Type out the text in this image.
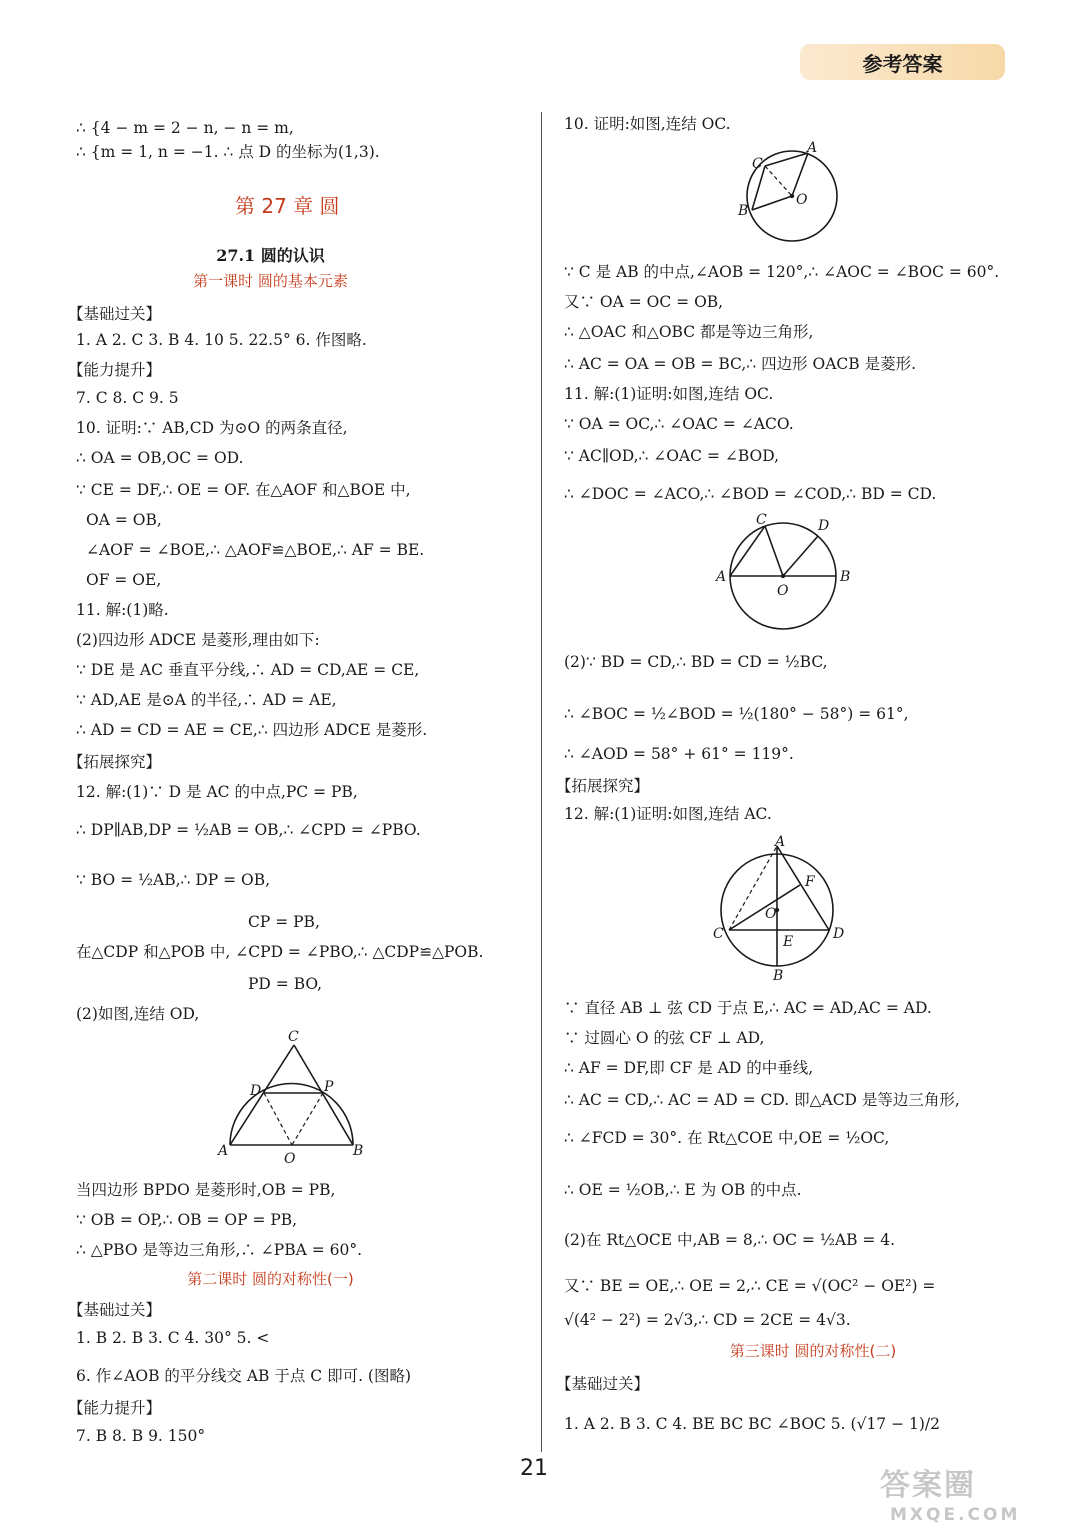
参考答案
∴ {4 − m = 2 − n, − n = m,
∴ {m = 1, n = −1. ∴ 点 D 的坐标为(1,3).
第 27 章 圆
27.1 圆的认识
第一课时 圆的基本元素
【基础过关】
1. A 2. C 3. B 4. 10 5. 22.5° 6. 作图略.
【能力提升】
7. C 8. C 9. 5
10. 证明:∵ AB,CD 为⊙O 的两条直径,
∴ OA = OB,OC = OD.
∵ CE = DF,∴ OE = OF. 在△AOF 和△BOE 中,
OA = OB,
∠AOF = ∠BOE,∴ △AOF≌△BOE,∴ AF = BE.
OF = OE,
11. 解:(1)略.
(2)四边形 ADCE 是菱形,理由如下:
∵ DE 是 AC 垂直平分线,∴ AD = CD,AE = CE,
∵ AD,AE 是⊙A 的半径,∴ AD = AE,
∴ AD = CD = AE = CE,∴ 四边形 ADCE 是菱形.
【拓展探究】
12. 解:(1)∵ D 是 AC 的中点,PC = PB,
∴ DP∥AB,DP = ½AB = OB,∴ ∠CPD = ∠PBO.
∵ BO = ½AB,∴ DP = OB,
CP = PB,
在△CDP 和△POB 中, ∠CPD = ∠PBO,∴ △CDP≌△POB.
PD = BO,
(2)如图,连结 OD,
C
D	P
A	O	B
当四边形 BPDO 是菱形时,OB = PB,
∵ OB = OP,∴ OB = OP = PB,
∴ △PBO 是等边三角形,∴ ∠PBA = 60°.
第二课时 圆的对称性(一)
【基础过关】
1. B 2. B 3. C 4. 30° 5. <
6. 作∠AOB 的平分线交 AB 于点 C 即可. (图略)
【能力提升】
7. B 8. B 9. 150°
10. 证明:如图,连结 OC.
C
A
B
O
∵ C 是 AB 的中点,∠AOB = 120°,∴ ∠AOC = ∠BOC = 60°.
又∵ OA = OC = OB,
∴ △OAC 和△OBC 都是等边三角形,
∴ AC = OA = OB = BC,∴ 四边形 OACB 是菱形.
11. 解:(1)证明:如图,连结 OC.
∵ OA = OC,∴ ∠OAC = ∠ACO.
∵ AC∥OD,∴ ∠OAC = ∠BOD,
∴ ∠DOC = ∠ACO,∴ ∠BOD = ∠COD,∴ BD = CD.
C	D
A
O
B
(2)∵ BD = CD,∴ BD = CD = ½BC,
∴ ∠BOC = ½∠BOD = ½(180° − 58°) = 61°,
∴ ∠AOD = 58° + 61° = 119°.
【拓展探究】
12. 解:(1)证明:如图,连结 AC.
A
F
O
C	E	D
B
∵ 直径 AB ⊥ 弦 CD 于点 E,∴ AC = AD,AC = AD.
∵ 过圆心 O 的弦 CF ⊥ AD,
∴ AF = DF,即 CF 是 AD 的中垂线,
∴ AC = CD,∴ AC = AD = CD. 即△ACD 是等边三角形,
∴ ∠FCD = 30°. 在 Rt△COE 中,OE = ½OC,
∴ OE = ½OB,∴ E 为 OB 的中点.
(2)在 Rt△OCE 中,AB = 8,∴ OC = ½AB = 4.
又∵ BE = OE,∴ OE = 2,∴ CE = √(OC² − OE²) =
√(4² − 2²) = 2√3,∴ CD = 2CE = 4√3.
第三课时 圆的对称性(二)
【基础过关】
1. A 2. B 3. C 4. BE BC BC ∠BOC 5. (√17 − 1)/2
21	答案圈
MXQE.COM
